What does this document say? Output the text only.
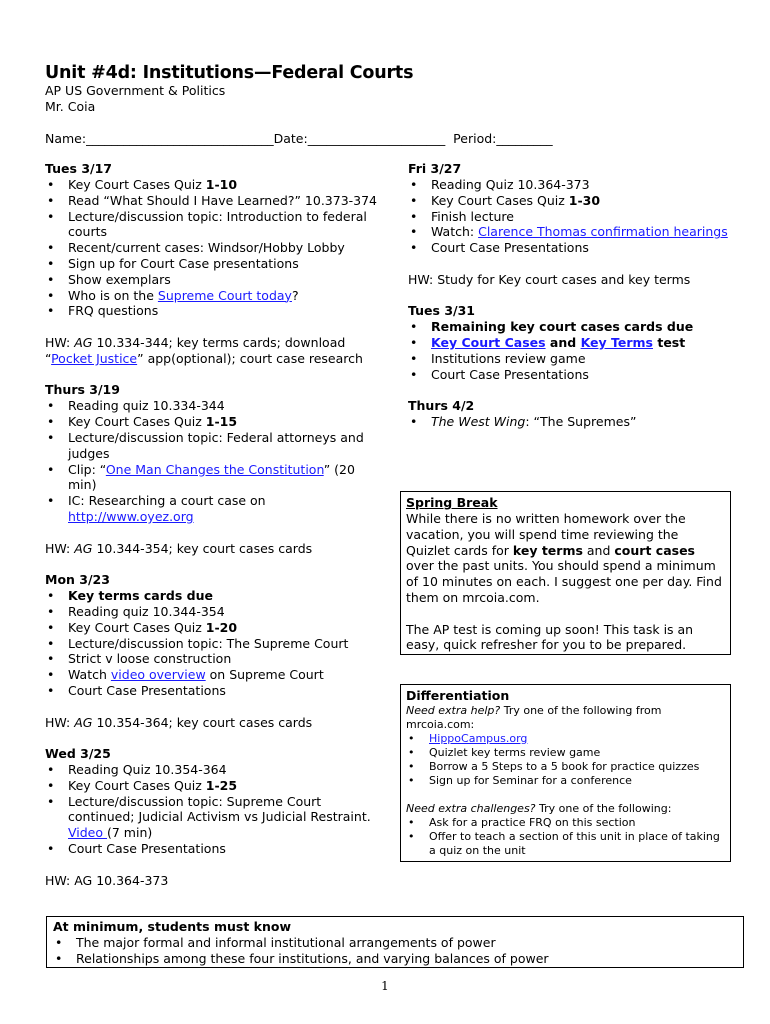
Unit #4d: Institutions—Federal Courts
AP US Government & Politics
Mr. Coia
Name:______________________________Date:______________________ Period:_________
Tues 3/17
• Key Court Cases Quiz 1-10
• Read “What Should I Have Learned?” 10.373-374
• Lecture/discussion topic: Introduction to federal courts
• Recent/current cases: Windsor/Hobby Lobby
• Sign up for Court Case presentations
• Show exemplars
• Who is on the Supreme Court today?
• FRQ questions
HW: AG 10.334-344; key terms cards; download “Pocket Justice” app(optional); court case research
Thurs 3/19
• Reading quiz 10.334-344
• Key Court Cases Quiz 1-15
• Lecture/discussion topic: Federal attorneys and judges
• Clip: “One Man Changes the Constitution” (20 min)
• IC: Researching a court case on http://www.oyez.org
HW: AG 10.344-354; key court cases cards
Mon 3/23
• Key terms cards due
• Reading quiz 10.344-354
• Key Court Cases Quiz 1-20
• Lecture/discussion topic: The Supreme Court
• Strict v loose construction
• Watch video overview on Supreme Court
• Court Case Presentations
HW: AG 10.354-364; key court cases cards
Wed 3/25
• Reading Quiz 10.354-364
• Key Court Cases Quiz 1-25
• Lecture/discussion topic: Supreme Court continued; Judicial Activism vs Judicial Restraint. Video (7 min)
• Court Case Presentations
HW: AG 10.364-373
Fri 3/27
• Reading Quiz 10.364-373
• Key Court Cases Quiz 1-30
• Finish lecture
• Watch: Clarence Thomas confirmation hearings
• Court Case Presentations
HW: Study for Key court cases and key terms
Tues 3/31
• Remaining key court cases cards due
• Key Court Cases and Key Terms test
• Institutions review game
• Court Case Presentations
Thurs 4/2
• The West Wing: “The Supremes”
Spring Break
While there is no written homework over the vacation, you will spend time reviewing the Quizlet cards for key terms and court cases over the past units. You should spend a minimum of 10 minutes on each. I suggest one per day. Find them on mrcoia.com.
The AP test is coming up soon! This task is an easy, quick refresher for you to be prepared.
Differentiation
Need extra help? Try one of the following from mrcoia.com:
• HippoCampus.org
• Quizlet key terms review game
• Borrow a 5 Steps to a 5 book for practice quizzes
• Sign up for Seminar for a conference
Need extra challenges? Try one of the following:
• Ask for a practice FRQ on this section
• Offer to teach a section of this unit in place of taking a quiz on the unit
At minimum, students must know
• The major formal and informal institutional arrangements of power
• Relationships among these four institutions, and varying balances of power
1
